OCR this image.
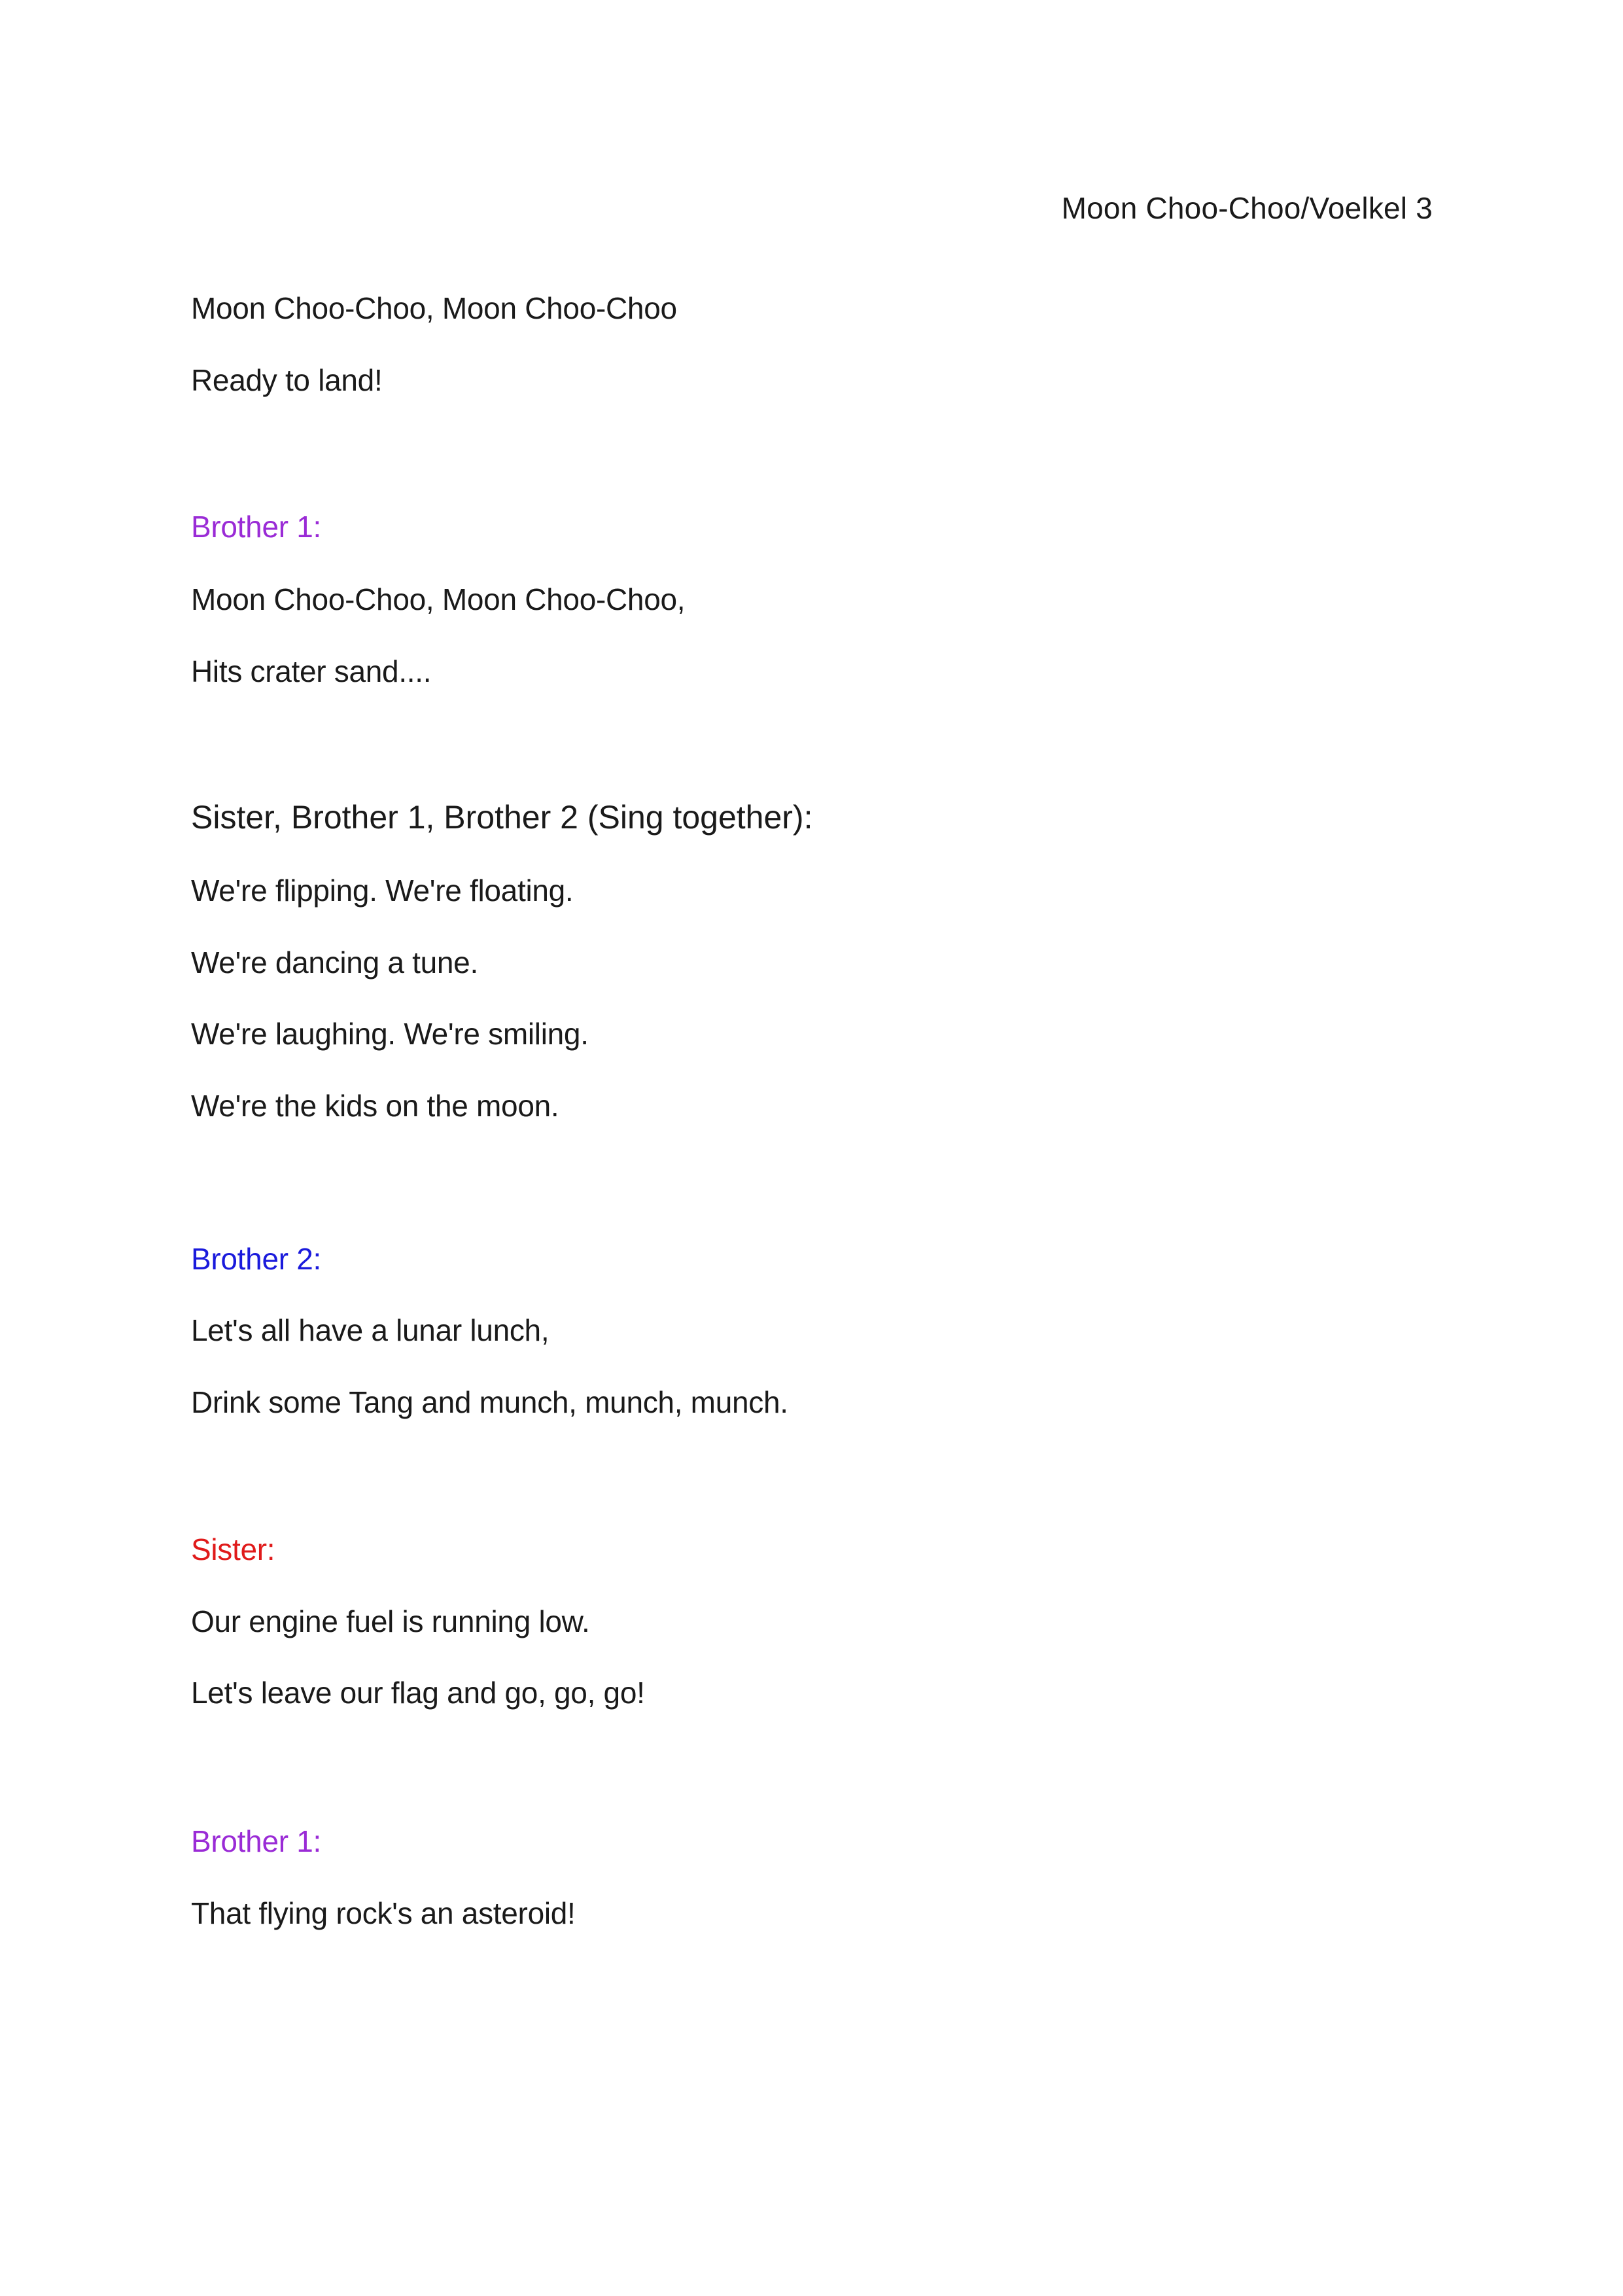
Moon Choo-Choo/Voelkel 3
Moon Choo-Choo, Moon Choo-Choo
Ready to land!
Brother 1:
Moon Choo-Choo, Moon Choo-Choo,
Hits crater sand....
Sister, Brother 1, Brother 2 (Sing together):
We're flipping. We're floating.
We're dancing a tune.
We're laughing. We're smiling.
We're the kids on the moon.
Brother 2:
Let's all have a lunar lunch,
Drink some Tang and munch, munch, munch.
Sister:
Our engine fuel is running low.
Let's leave our flag and go, go, go!
Brother 1:
That flying rock's an asteroid!
